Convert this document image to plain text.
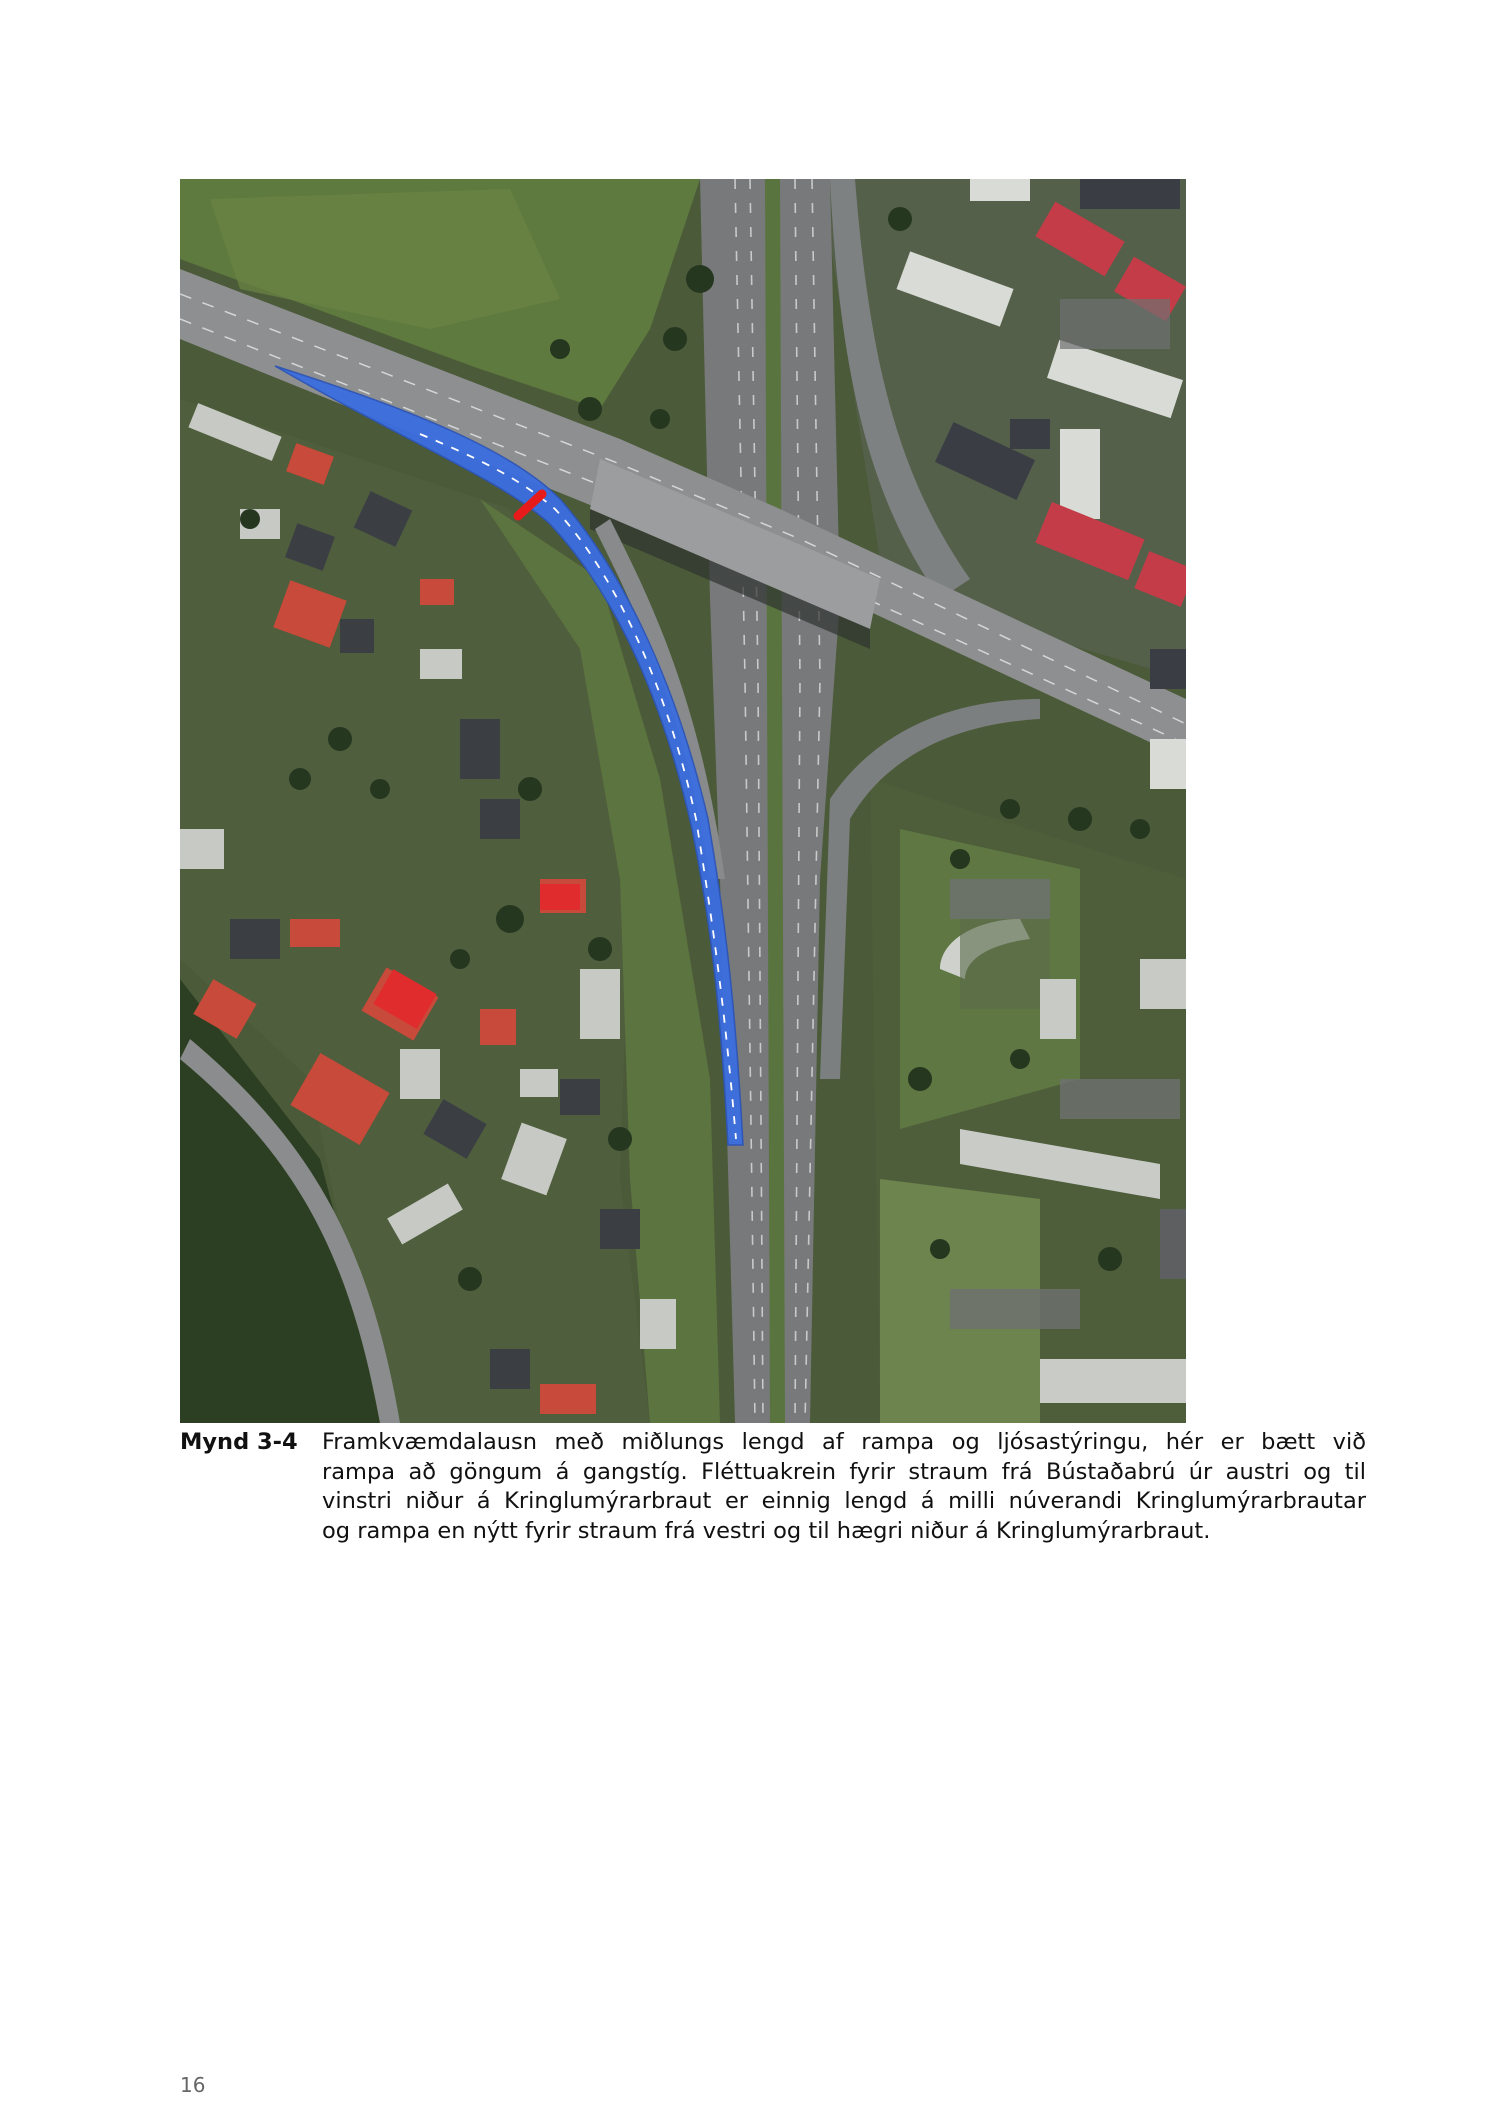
Mynd 3-4 Framkvæmdalausn með miðlungs lengd af rampa og ljósastýringu, hér er bætt við
rampa að göngum á gangstíg. Fléttuakrein fyrir straum frá Bústaðabrú úr austri og til
vinstri niður á Kringlumýrarbraut er einnig lengd á milli núverandi Kringlumýrarbrautar
og rampa en nýtt fyrir straum frá vestri og til hægri niður á Kringlumýrarbraut.
16
